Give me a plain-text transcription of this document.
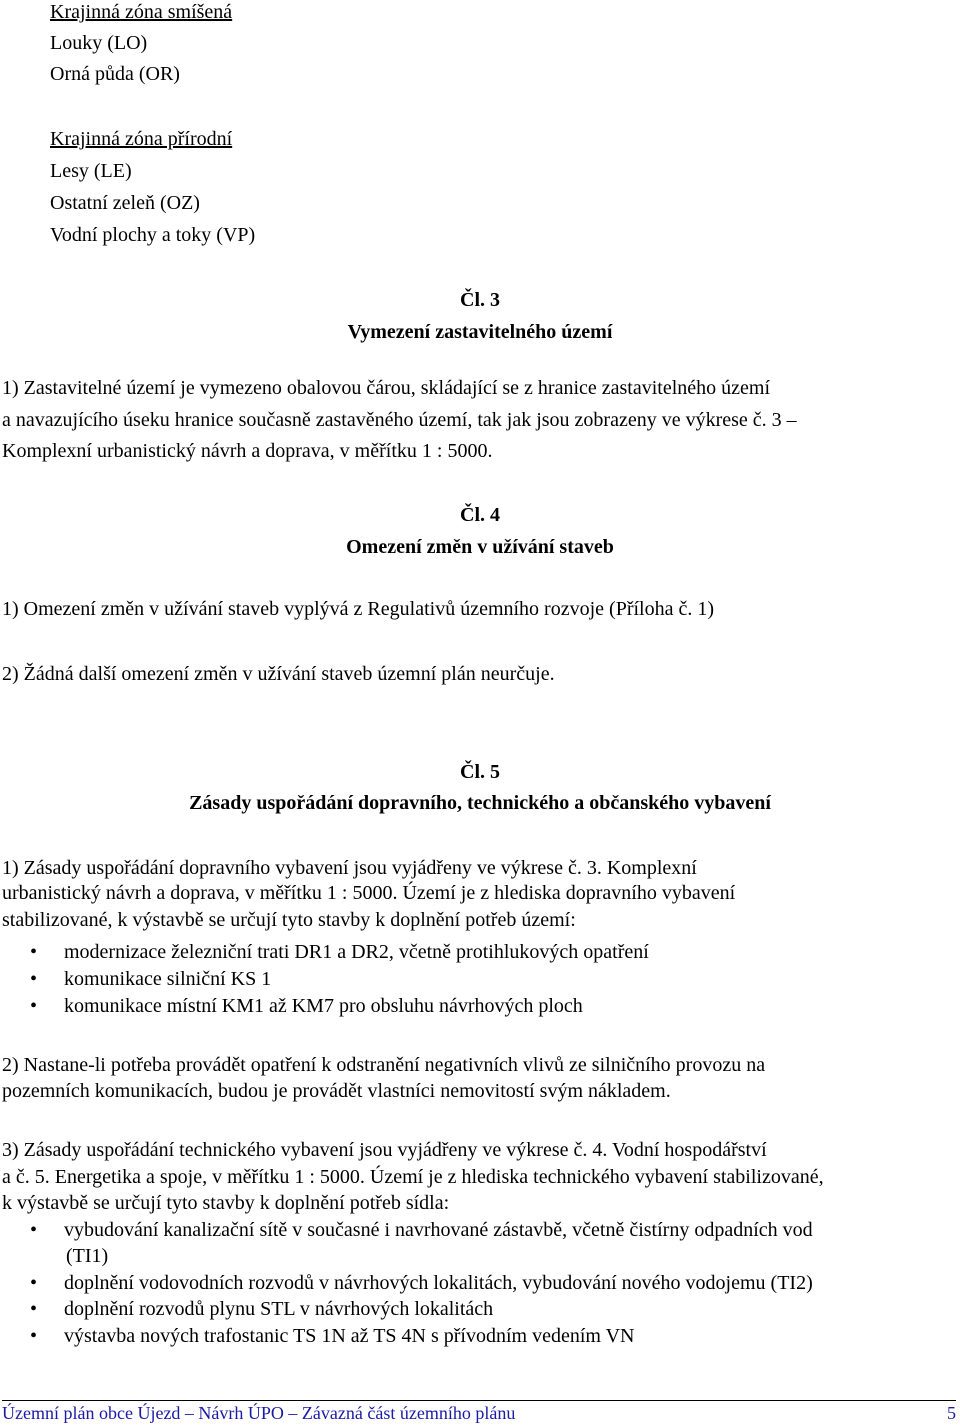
Krajinná zóna smíšená
Louky (LO)
Orná půda (OR)
Krajinná zóna přírodní
Lesy (LE)
Ostatní zeleň (OZ)
Vodní plochy a toky (VP)
Čl. 3
Vymezení zastavitelného území
1) Zastavitelné území je vymezeno obalovou čárou, skládající se z hranice zastavitelného území
a navazujícího úseku hranice současně zastavěného území, tak jak jsou zobrazeny ve výkrese č. 3 –
Komplexní urbanistický návrh a doprava, v měřítku 1 : 5000.
Čl. 4
Omezení změn v užívání staveb
1) Omezení změn v užívání staveb vyplývá z Regulativů územního rozvoje (Příloha č. 1)
2) Žádná další omezení změn v užívání staveb územní plán neurčuje.
Čl. 5
Zásady uspořádání dopravního, technického a občanského vybavení
1) Zásady uspořádání dopravního vybavení jsou vyjádřeny ve výkrese č. 3. Komplexní
urbanistický návrh a doprava, v měřítku 1 : 5000. Území je z hlediska dopravního vybavení
stabilizované, k výstavbě se určují tyto stavby k doplnění potřeb území:
• modernizace železniční trati DR1 a DR2, včetně protihlukových opatření
• komunikace silniční KS 1
• komunikace místní KM1 až KM7 pro obsluhu návrhových ploch
2) Nastane-li potřeba provádět opatření k odstranění negativních vlivů ze silničního provozu na
pozemních komunikacích, budou je provádět vlastníci nemovitostí svým nákladem.
3) Zásady uspořádání technického vybavení jsou vyjádřeny ve výkrese č. 4. Vodní hospodářství
a č. 5. Energetika a spoje, v měřítku 1 : 5000. Území je z hlediska technického vybavení stabilizované,
k výstavbě se určují tyto stavby k doplnění potřeb sídla:
• vybudování kanalizační sítě v současné i navrhované zástavbě, včetně čistírny odpadních vod
(TI1)
• doplnění vodovodních rozvodů v návrhových lokalitách, vybudování nového vodojemu (TI2)
• doplnění rozvodů plynu STL v návrhových lokalitách
• výstavba nových trafostanic TS 1N až TS 4N s přívodním vedením VN
Územní plán obce Újezd – Návrh ÚPO – Závazná část územního plánu	5
